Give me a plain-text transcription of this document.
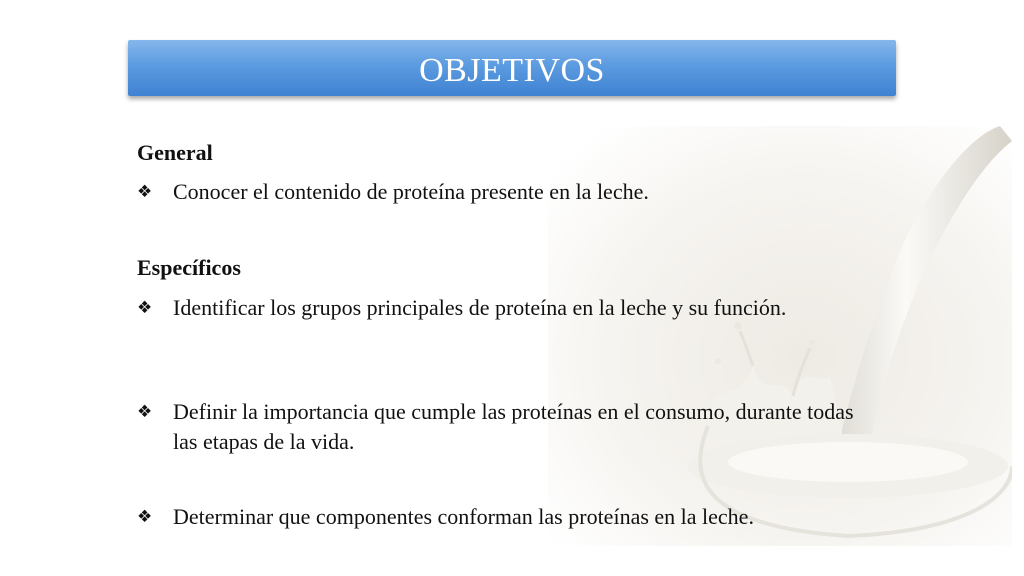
OBJETIVOS
General
❖ Conocer el contenido de proteína presente en la leche.
Específicos
❖ Identificar los grupos principales de proteína en la leche y su función.
❖ Definir la importancia que cumple las proteínas en el consumo, durante todas las etapas de la vida.
❖ Determinar que componentes conforman las proteínas en la leche.
